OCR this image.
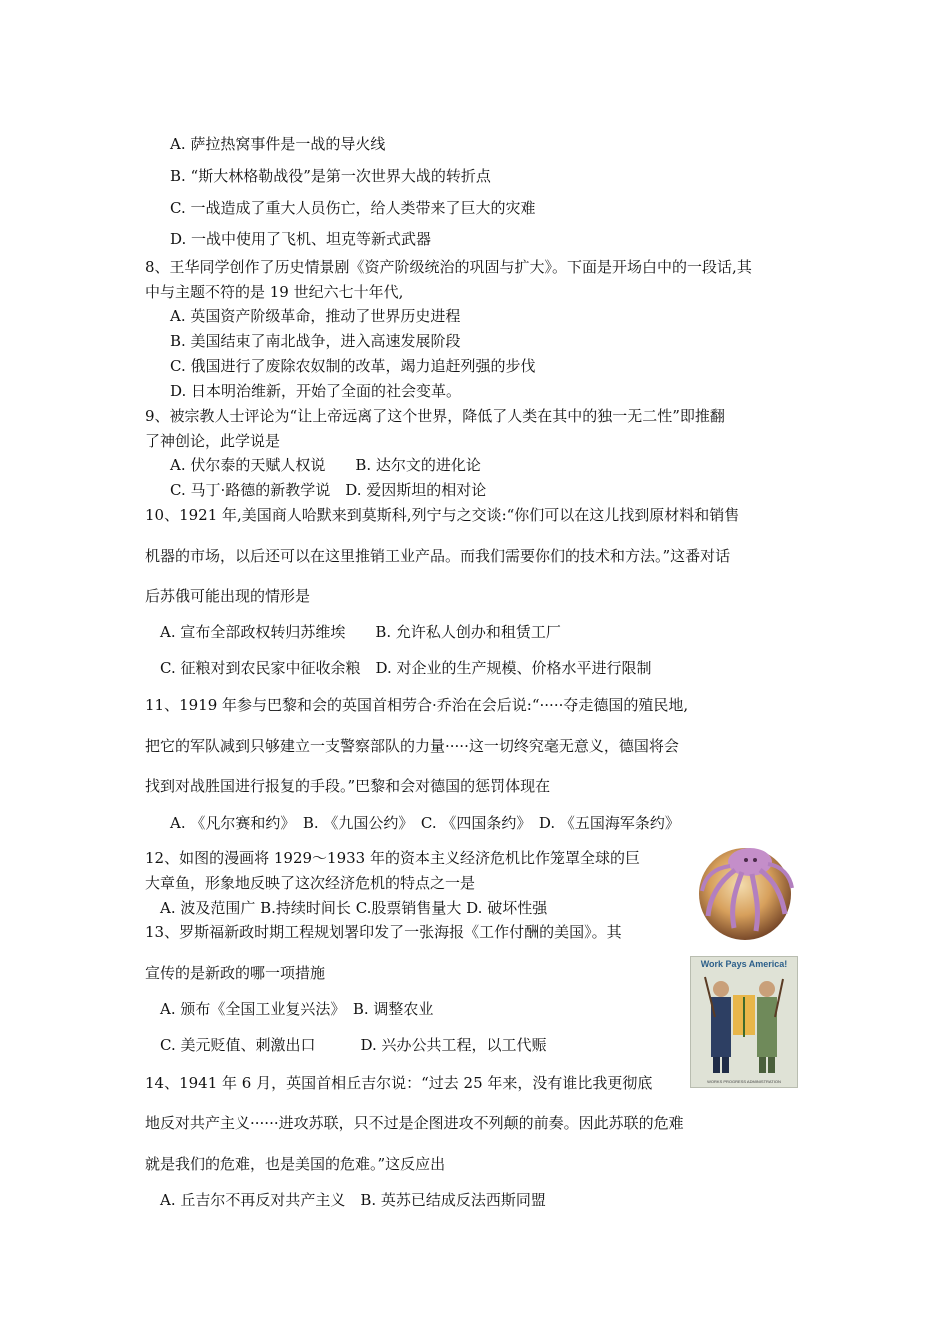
A. 萨拉热窝事件是一战的导火线
B. “斯大林格勒战役”是第一次世界大战的转折点
C. 一战造成了重大人员伤亡，给人类带来了巨大的灾难
D. 一战中使用了飞机、坦克等新式武器
8、王华同学创作了历史情景剧《资产阶级统治的巩固与扩大》。下面是开场白中的一段话,其
中与主题不符的是 19 世纪六七十年代,
A. 英国资产阶级革命，推动了世界历史进程
B. 美国结束了南北战争，进入高速发展阶段
C. 俄国进行了废除农奴制的改革，竭力追赶列强的步伐
D. 日本明治维新，开始了全面的社会变革。
9、被宗教人士评论为“让上帝远离了这个世界，降低了人类在其中的独一无二性”即推翻
了神创论，此学说是
A. 伏尔泰的天赋人权说　　B. 达尔文的进化论
C. 马丁·路德的新教学说　D. 爱因斯坦的相对论
10、1921 年,美国商人哈默来到莫斯科,列宁与之交谈:“你们可以在这儿找到原材料和销售
机器的市场，以后还可以在这里推销工业产品。而我们需要你们的技术和方法。”这番对话
后苏俄可能出现的情形是
A. 宣布全部政权转归苏维埃　　B. 允许私人创办和租赁工厂
C. 征粮对到农民家中征收余粮　D. 对企业的生产规模、价格水平进行限制
11、1919 年参与巴黎和会的英国首相劳合·乔治在会后说:“·····夺走德国的殖民地,
把它的军队减到只够建立一支警察部队的力量·····这一切终究毫无意义，德国将会
找到对战胜国进行报复的手段。”巴黎和会对德国的惩罚体现在
A. 《凡尔赛和约》　B. 《九国公约》　C. 《四国条约》　D. 《五国海军条约》
12、如图的漫画将 1929～1933 年的资本主义经济危机比作笼罩全球的巨
大章鱼，形象地反映了这次经济危机的特点之一是
A. 波及范围广 B.持续时间长 C.股票销售量大 D. 破坏性强
13、罗斯福新政时期工程规划署印发了一张海报《工作付酬的美国》。其
宣传的是新政的哪一项措施
A. 颁布《全国工业复兴法》　B. 调整农业
C. 美元贬值、刺激出口　　　D. 兴办公共工程，以工代赈
Work Pays America!
WORKS PROGRESS ADMINISTRATION
14、1941 年 6 月，英国首相丘吉尔说：“过去 25 年来，没有谁比我更彻底
地反对共产主义······进攻苏联，只不过是企图进攻不列颠的前奏。因此苏联的危难
就是我们的危难，也是美国的危难。”这反应出
A. 丘吉尔不再反对共产主义　B. 英苏已结成反法西斯同盟
